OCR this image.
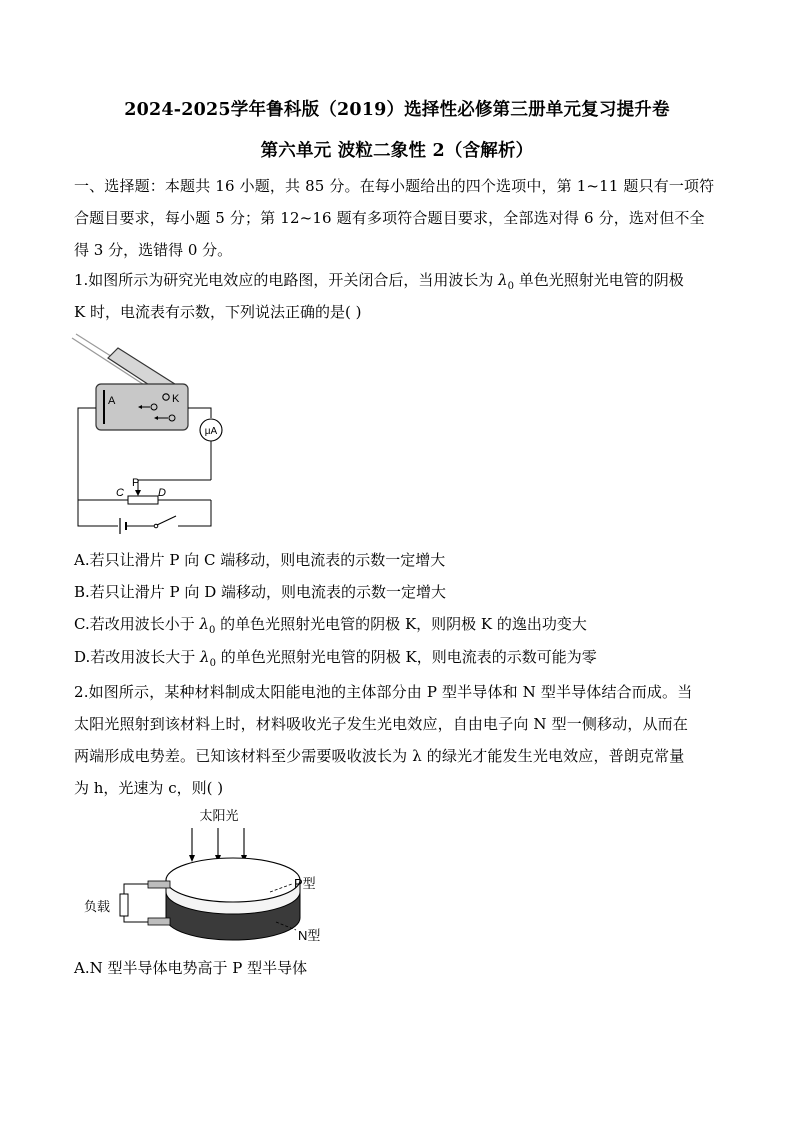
2024-2025学年鲁科版（2019）选择性必修第三册单元复习提升卷
第六单元 波粒二象性 2（含解析）
一、选择题：本题共 16 小题，共 85 分。在每小题给出的四个选项中，第 1~11 题只有一项符
合题目要求，每小题 5 分；第 12~16 题有多项符合题目要求，全部选对得 6 分，选对但不全
得 3 分，选错得 0 分。
1.如图所示为研究光电效应的电路图，开关闭合后，当用波长为 $\lambda_0$ 单色光照射光电管的阴极
K 时，电流表有示数，下列说法正确的是( )
A	K
μA
P
C	D
A.若只让滑片 P 向 C 端移动，则电流表的示数一定增大
B.若只让滑片 P 向 D 端移动，则电流表的示数一定增大
C.若改用波长小于 $\lambda_0$ 的单色光照射光电管的阴极 K，则阴极 K 的逸出功变大
D.若改用波长大于 $\lambda_0$ 的单色光照射光电管的阴极 K，则电流表的示数可能为零
2.如图所示，某种材料制成太阳能电池的主体部分由 P 型半导体和 N 型半导体结合而成。当
太阳光照射到该材料上时，材料吸收光子发生光电效应，自由电子向 N 型一侧移动，从而在
两端形成电势差。已知该材料至少需要吸收波长为 λ 的绿光才能发生光电效应，普朗克常量
为 h，光速为 c，则( )
太阳光
负载
P型
N型
A.N 型半导体电势高于 P 型半导体
